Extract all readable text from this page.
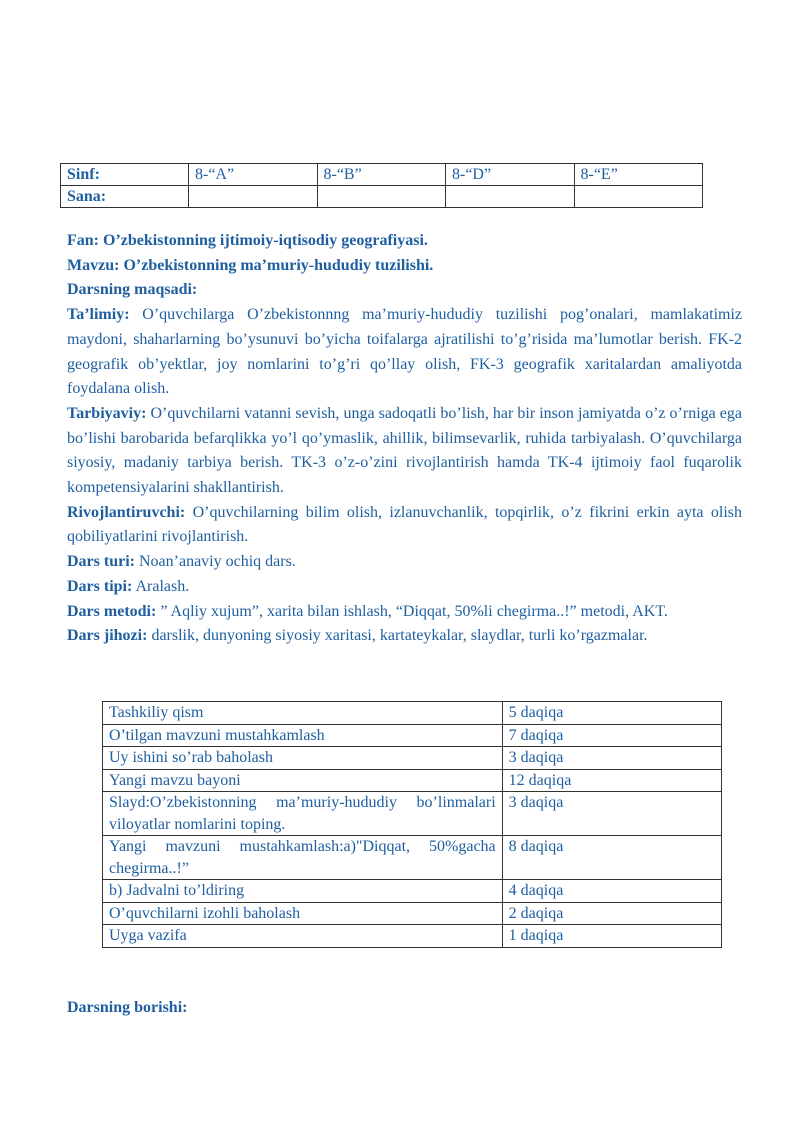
Sinf:	8-“A”	8-“B”	8-“D”	8-“E”
Sana:				

Fan: O’zbekistonning ijtimoiy-iqtisodiy geografiyasi.

Mavzu: O’zbekistonning ma’muriy-hududiy tuzilishi.

Darsning maqsadi:

Ta’limiy: O’quvchilarga O’zbekistonnng ma’muriy-hududiy tuzilishi pog’onalari, mamlakatimiz maydoni, shaharlarning bo’ysunuvi bo’yicha toifalarga ajratilishi to’g’risida ma’lumotlar berish. FK-2 geografik ob’yektlar, joy nomlarini to’g’ri qo’llay olish, FK-3 geografik xaritalardan amaliyotda foydalana olish.

Tarbiyaviy: O’quvchilarni vatanni sevish, unga sadoqatli bo’lish, har bir inson jamiyatda o’z o’rniga ega bo’lishi barobarida befarqlikka yo’l qo’ymaslik, ahillik, bilimsevarlik, ruhida tarbiyalash. O’quvchilarga siyosiy, madaniy tarbiya berish. TK-3 o’z-o’zini rivojlantirish hamda TK-4 ijtimoiy faol fuqarolik kompetensiyalarini shakllantirish.

Rivojlantiruvchi: O’quvchilarning bilim olish, izlanuvchanlik, topqirlik, o’z fikrini erkin ayta olish qobiliyatlarini rivojlantirish.

Dars turi: Noan’anaviy ochiq dars.

Dars tipi: Aralash.

Dars metodi: ” Aqliy xujum”, xarita bilan ishlash, “Diqqat, 50%li chegirma..!” metodi, AKT.

Dars jihozi: darslik, dunyoning siyosiy xaritasi, kartateykalar, slaydlar, turli ko’rgazmalar.

Tashkiliy qism	5 daqiqa
O’tilgan mavzuni mustahkamlash	7 daqiqa
Uy ishini so’rab baholash	3 daqiqa
Yangi mavzu bayoni	12 daqiqa
Slayd:O’zbekistonning ma’muriy-hududiy bo’linmalari viloyatlar nomlarini toping.	3 daqiqa
Yangi mavzuni mustahkamlash:a)"Diqqat, 50%gacha chegirma..!”	8 daqiqa
b) Jadvalni to’ldiring	4 daqiqa
O’quvchilarni izohli baholash	2 daqiqa
Uyga vazifa	1 daqiqa
Darsning borishi:
